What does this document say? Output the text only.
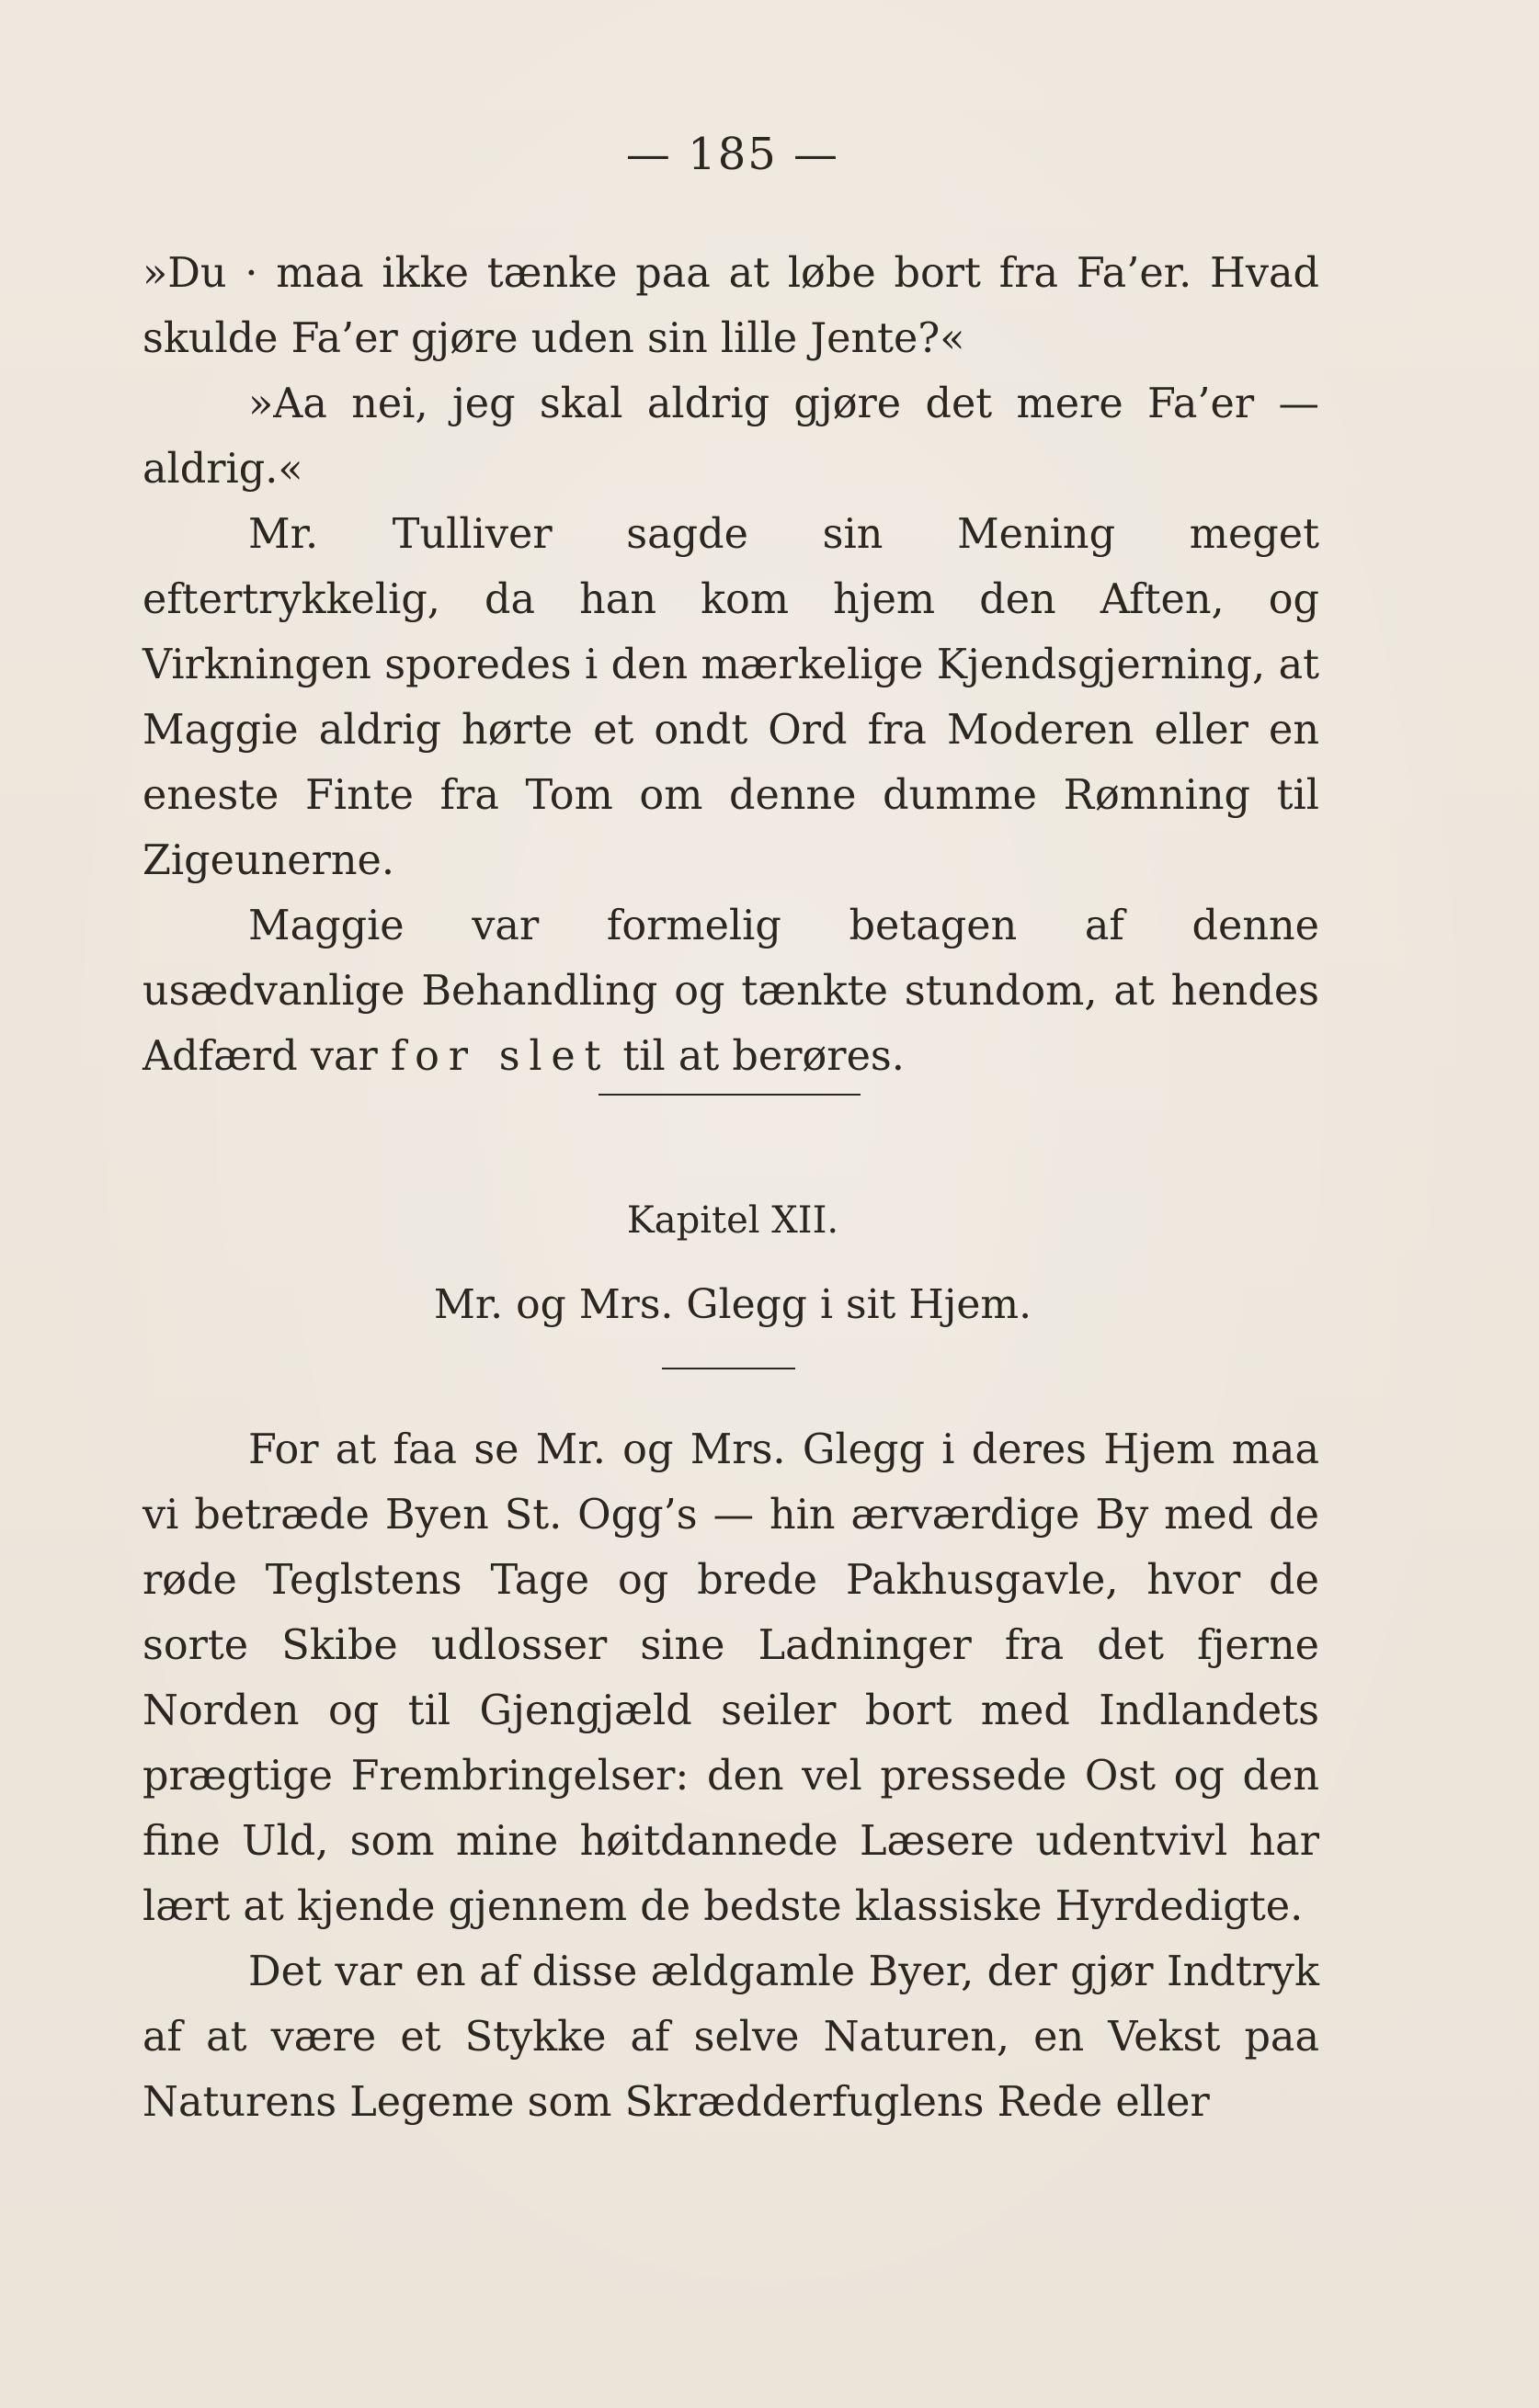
— 185 —

»Du · maa ikke tænke paa at løbe bort fra Fa’er. Hvad skulde Fa’er gjøre uden sin lille Jente?«

»Aa nei, jeg skal aldrig gjøre det mere Fa’er — aldrig.«

Mr. Tulliver sagde sin Mening meget eftertrykkelig, da han kom hjem den Aften, og Virkningen sporedes i den mærkelige Kjendsgjerning, at Maggie aldrig hørte et ondt Ord fra Moderen eller en eneste Finte fra Tom om denne dumme Rømning til Zigeunerne.

Maggie var formelig betagen af denne usædvanlige Behandling og tænkte stundom, at hendes Adfærd var for slet til at berøres.

Kapitel XII.
Mr. og Mrs. Glegg i sit Hjem.

For at faa se Mr. og Mrs. Glegg i deres Hjem maa vi betræde Byen St. Ogg’s — hin ærværdige By med de røde Teglstens Tage og brede Pakhusgavle, hvor de sorte Skibe udlosser sine Ladninger fra det fjerne Norden og til Gjengjæld seiler bort med Indlandets prægtige Frembringelser: den vel pressede Ost og den fine Uld, som mine høitdannede Læsere udentvivl har lært at kjende gjennem de bedste klassiske Hyrdedigte.

Det var en af disse ældgamle Byer, der gjør Indtryk af at være et Stykke af selve Naturen, en Vekst paa Naturens Legeme som Skrædderfuglens Rede eller
